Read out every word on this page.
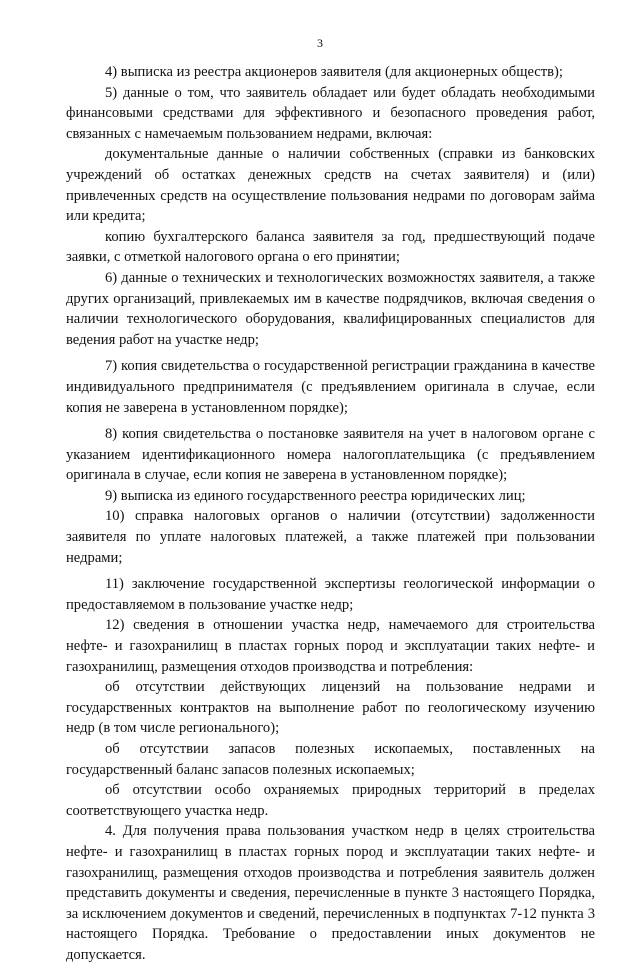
3

4) выписка из реестра акционеров заявителя (для акционерных обществ);

5) данные о том, что заявитель обладает или будет обладать необходимыми финансовыми средствами для эффективного и безопасного проведения работ, связанных с намечаемым пользованием недрами, включая:

документальные данные о наличии собственных (справки из банковских учреждений об остатках денежных средств на счетах заявителя) и (или) привлеченных средств на осуществление пользования недрами по договорам займа или кредита;

копию бухгалтерского баланса заявителя за год, предшествующий подаче заявки, с отметкой налогового органа о его принятии;

6) данные о технических и технологических возможностях заявителя, а также других организаций, привлекаемых им в качестве подрядчиков, включая сведения о наличии технологического оборудования, квалифицированных специалистов для ведения работ на участке недр;

7) копия свидетельства о государственной регистрации гражданина в качестве индивидуального предпринимателя (с предъявлением оригинала в случае, если копия не заверена в установленном порядке);

8) копия свидетельства о постановке заявителя на учет в налоговом органе с указанием идентификационного номера налогоплательщика (с предъявлением оригинала в случае, если копия не заверена в установленном порядке);

9) выписка из единого государственного реестра юридических лиц;

10) справка налоговых органов о наличии (отсутствии) задолженности заявителя по уплате налоговых платежей, а также платежей при пользовании недрами;

11) заключение государственной экспертизы геологической информации о предоставляемом в пользование участке недр;

12) сведения в отношении участка недр, намечаемого для строительства нефте- и газохранилищ в пластах горных пород и эксплуатации таких нефте- и газохранилищ, размещения отходов производства и потребления:

об отсутствии действующих лицензий на пользование недрами и государственных контрактов на выполнение работ по геологическому изучению недр (в том числе регионального);

об отсутствии запасов полезных ископаемых, поставленных на государственный баланс запасов полезных ископаемых;

об отсутствии особо охраняемых природных территорий в пределах соответствующего участка недр.

4. Для получения права пользования участком недр в целях строительства нефте- и газохранилищ в пластах горных пород и эксплуатации таких нефте- и газохранилищ, размещения отходов производства и потребления заявитель должен представить документы и сведения, перечисленные в пункте 3 настоящего Порядка, за исключением документов и сведений, перечисленных в подпунктах 7-12 пункта 3 настоящего Порядка. Требование о предоставлении иных документов не допускается.
